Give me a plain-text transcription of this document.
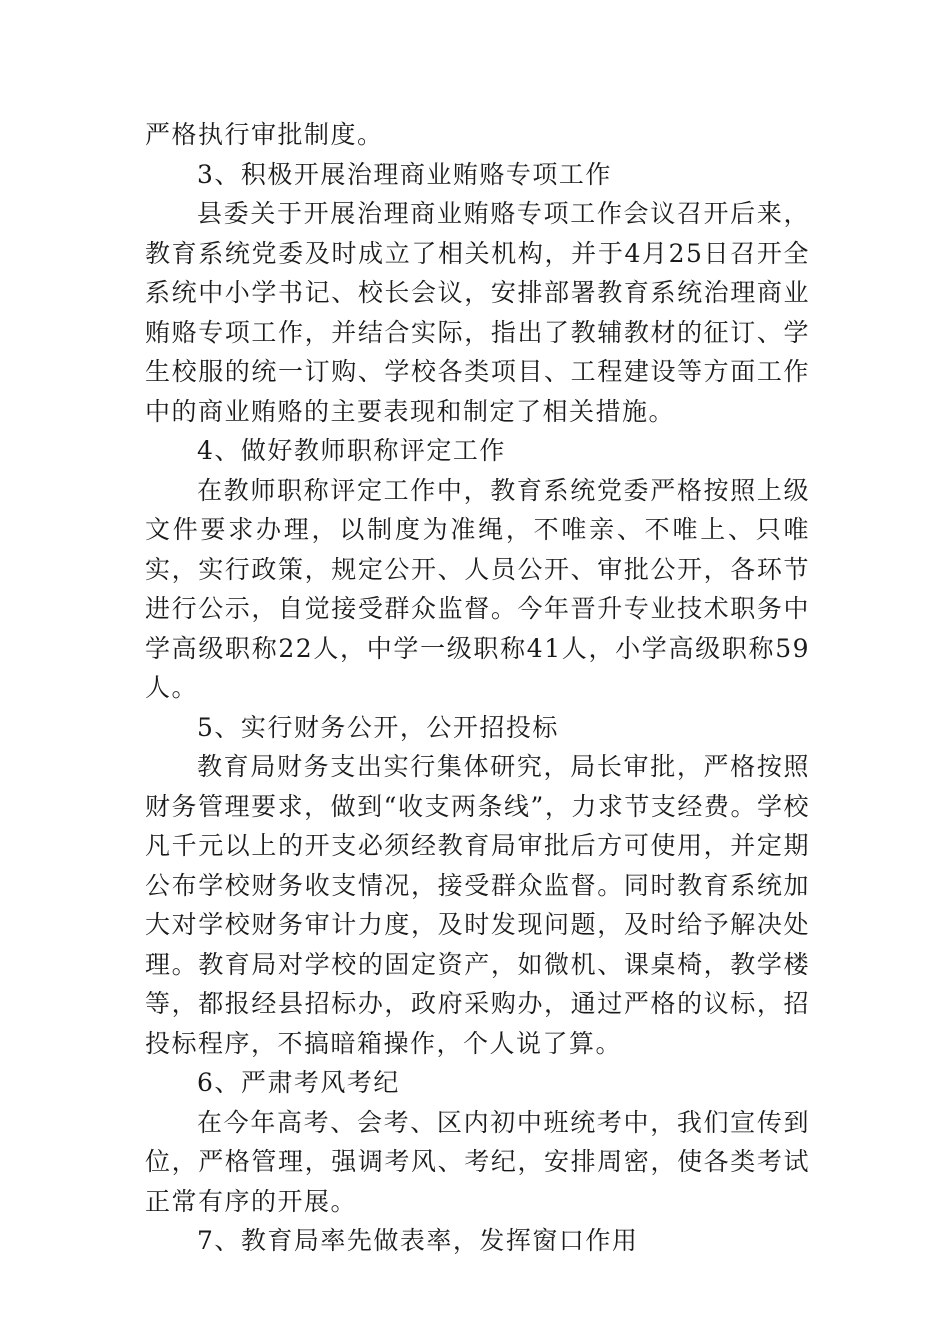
严格执行审批制度。

3、积极开展治理商业贿赂专项工作

县委关于开展治理商业贿赂专项工作会议召开后来，教育系统党委及时成立了相关机构，并于4月25日召开全系统中小学书记、校长会议，安排部署教育系统治理商业贿赂专项工作，并结合实际，指出了教辅教材的征订、学生校服的统一订购、学校各类项目、工程建设等方面工作中的商业贿赂的主要表现和制定了相关措施。

4、做好教师职称评定工作

在教师职称评定工作中，教育系统党委严格按照上级文件要求办理，以制度为准绳，不唯亲、不唯上、只唯实，实行政策，规定公开、人员公开、审批公开，各环节进行公示，自觉接受群众监督。今年晋升专业技术职务中学高级职称22人，中学一级职称41人，小学高级职称59人。

5、实行财务公开，公开招投标

教育局财务支出实行集体研究，局长审批，严格按照财务管理要求，做到“收支两条线”，力求节支经费。学校凡千元以上的开支必须经教育局审批后方可使用，并定期公布学校财务收支情况，接受群众监督。同时教育系统加大对学校财务审计力度，及时发现问题，及时给予解决处理。教育局对学校的固定资产，如微机、课桌椅，教学楼等，都报经县招标办，政府采购办，通过严格的议标，招投标程序，不搞暗箱操作，个人说了算。

6、严肃考风考纪

在今年高考、会考、区内初中班统考中，我们宣传到位，严格管理，强调考风、考纪，安排周密，使各类考试正常有序的开展。

7、教育局率先做表率，发挥窗口作用
